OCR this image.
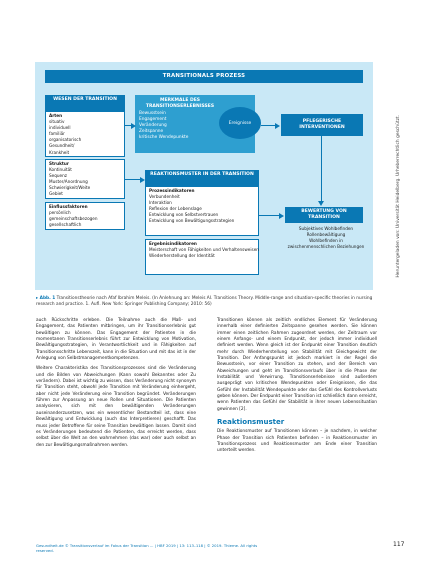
TRANSITIONALS PROZESS
WESEN DER TRANSITION
Arten
situativ
individuell
familiär
organisatorisch
Gesundheit/
Krankheit
Struktur
Kontinuität
Sequenz
Muster/Anordnung
Schwierigkeit/Weite
Gebiet
Einflussfaktoren
persönlich
gemeinschaftsbezogen
gesellschaftlich
MERKMALE DES TRANSITIONSERLEBNISSES
Bewusstsein
Engagement
Veränderung
Zeitspanne
kritische Wendepunkte
Ereignisse
REAKTIONSMUSTER IN DER TRANSITION
Prozessindikatoren
Verbundenheit
Interaktion
Reflexion der Lebenslage
Entwicklung von Selbstvertrauen
Entwicklung von Bewältigungsstrategien
Ergebnisindikatoren
Meisterschaft von Fähigkeiten und Verhaltensweisen
Wiederherstellung der Identität
PFLEGERISCHE INTERVENTIONEN
BEWERTUNG VON TRANSITION
Subjektives Wohlbefinden
Rollenbewältigung
Wohlbefinden in
zwischenmenschlichen Beziehungen
▸ Abb. 1 Transitionstheorie nach Afaf Ibrahim Meleis. (In Anlehnung an: Meleis AI. Transitions Theory. Middle-range and situation-specific theories in nursing research and practice. 1. Aufl. New York: Springer Publishing Company; 2010: 56)

auch Rückschritte erleben. Die Teilnahme auch die Maß- und Engagement, das Patienten mitbringen, um ihr Transitionserlebnis gut bewältigen zu können. Das Engagement der Patienten in die momentanen Transitionserlebnis führt zur Entwicklung von Motivation, Bewältigungsstrategien, in Verantwortlichkeit und in Fähigkeiten auf Transitionsschritte Lebenszeit, kann in die Situation und mit das ist in der Anlegung von Selbstmanagementkompetenzen.

Weitere Charakteristika des Transitionsprozesses sind die Veränderung und die Bilden von Abweichungen (Kann sowohl Bekanntes oder Zu verändern). Dabei ist wichtig zu wissen, dass Veränderung nicht synonym für Transition steht, obwohl jede Transition mit Veränderung einhergeht, aber nicht jede Veränderung eine Transition begründet. Veränderungen führen zur Anpassung an neue Rollen und Situationen. Die Patienten analysieren, sich mit den bewältigenden Veränderungen auseinanderzusetzen, was ein wesentlicher Bestandteil ist, dass eine Bewältigung und Entwicklung (auch das Interpretieren) geschafft. Das muss jeder Betroffene für seine Transition bewältigen lassen. Damit sind es Veränderungen bedeutend die Patienten, das erreicht werden, dass selbst über die Welt an den wahrnehmen (das war) oder auch selbst an den zur Bewältigungsmaßnahmen werden.

Transitionen können als zeitlich endliches Element für Veränderung innerhalb einer definierten Zeitspanne gesehen werden. Sie können immer einen zeitlichen Rahmen zugeordnet werden, der Zeitraum vor einem Anfangs- und einem Endpunkt, der jedoch immer individuell definiert werden. Wenn gleich ist der Endpunkt einer Transition deutlich mehr durch Wiederherstellung von Stabilität mit Gleichgewicht der Transition. Der Anfangspunkt ist jedoch markiert in der Regel die Bewusstsein, vor einer Transition zu stehen, und der Bereich von Abweichungen und geht im Transitionsverlaufs über in die Phase der Instabilität und Verwirrung. Transitionserlebnisse sind außerdem ausgeprägt von kritischen Wendepunkten oder Ereignissen, die das Gefühl der Instabilität Wendepunkte oder das Gefühl des Kontrollverlusts geben können. Der Endpunkt einer Transition ist schließlich dann erreicht, wenn Patienten das Gefühl der Stabilität in ihrer neuen Lebenssituation gewinnen [2].

Reaktionsmuster

Die Reaktionsmuster auf Transitionen können – je nachdem, in welcher Phase der Transition sich Patienten befinden – in Reaktionsmuster im Transitionsprozess und Reaktionsmuster am Ende einer Transition unterteilt werden.

Gesundheit.de © Transitionsverlauf im Fokus der Transition ... | HBF 2019 | 13: 113–118 | © 2019. Thieme. All rights reserved.
117
Heruntergeladen von: Universität Heidelberg. Urheberrechtlich geschützt.
